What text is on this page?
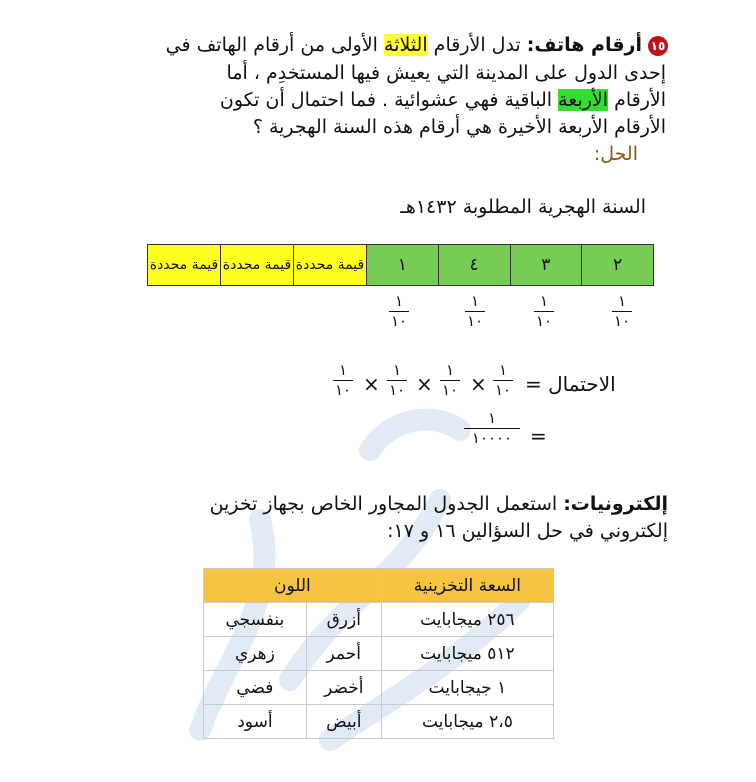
١٥أرقام هاتف: تدل الأرقام الثلاثة الأولى من أرقام الهاتف في
إحدى الدول على المدينة التي يعيش فيها المستخدِم ، أما
الأرقام الأربعة الباقية فهي عشوائية . فما احتمال أن تكون
الأرقام الأربعة الأخيرة هي أرقام هذه السنة الهجرية ؟
الحل:
السنة الهجرية المطلوبة ١٤٣٢هـ
قيمة محددة	قيمة محددة	قيمة محددة	١	٤	٣	٢
١
١٠
١
١٠
١
١٠
١
١٠
الاحتمال =
١
١٠
×
١
١٠
×
١
١٠
×
١
١٠
١
١٠٠٠٠ =
إلكترونيات: استعمل الجدول المجاور الخاص بجهاز تخزين
إلكتروني في حل السؤالين ١٦ و ١٧:
السعة التخزينية	اللون	
٢٥٦ ميجابايت	أزرق	بنفسجي
٥١٢ ميجابايت	أحمر	زهري
١ جيجابايت	أخضر	فضي
٢،٥ ميجابايت	أبيض	أسود
